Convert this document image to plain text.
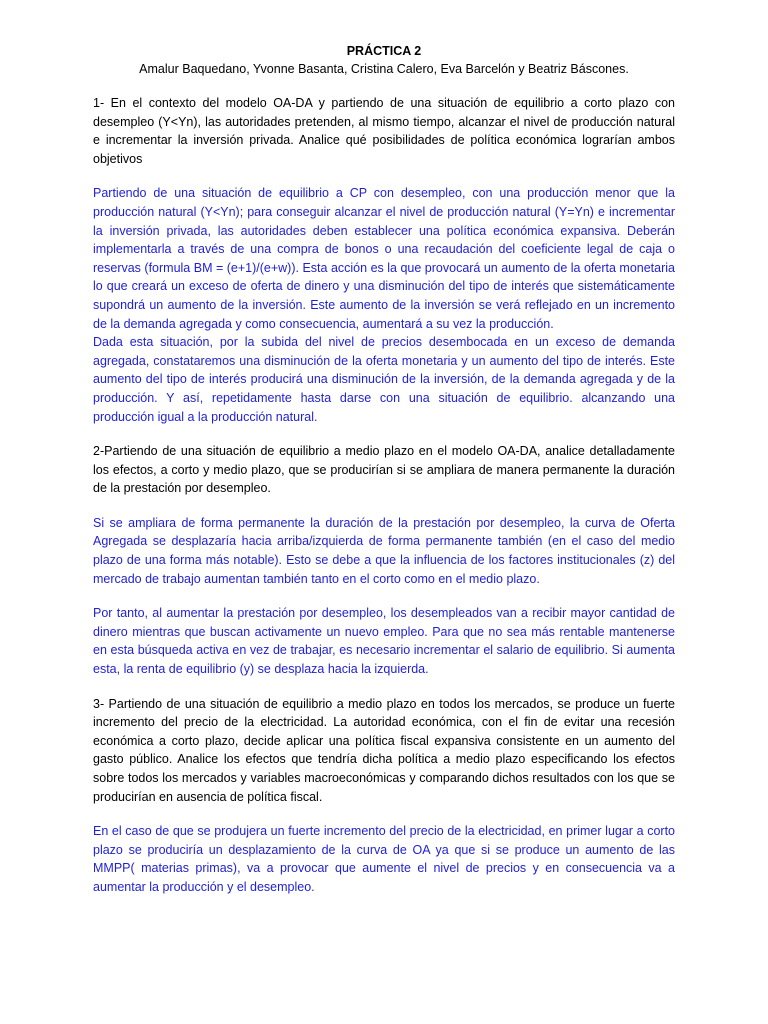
PRÁCTICA 2
Amalur Baquedano, Yvonne Basanta, Cristina Calero, Eva Barcelón y Beatriz Báscones.

1- En el contexto del modelo OA-DA y partiendo de una situación de equilibrio a corto plazo con desempleo (Y<Yn), las autoridades pretenden, al mismo tiempo, alcanzar el nivel de producción natural e incrementar la inversión privada. Analice qué posibilidades de política económica lograrían ambos objetivos

Partiendo de una situación de equilibrio a CP con desempleo, con una producción menor que la producción natural (Y<Yn); para conseguir alcanzar el nivel de producción natural (Y=Yn) e incrementar la inversión privada, las autoridades deben establecer una política económica expansiva. Deberán implementarla a través de una compra de bonos o una recaudación del coeficiente legal de caja o reservas (formula BM = (e+1)/(e+w)). Esta acción es la que provocará un aumento de la oferta monetaria lo que creará un exceso de oferta de dinero y una disminución del tipo de interés que sistemáticamente supondrá un aumento de la inversión. Este aumento de la inversión se verá reflejado en un incremento de la demanda agregada y como consecuencia, aumentará a su vez la producción.

Dada esta situación, por la subida del nivel de precios desembocada en un exceso de demanda agregada, constataremos una disminución de la oferta monetaria y un aumento del tipo de interés. Este aumento del tipo de interés producirá una disminución de la inversión, de la demanda agregada y de la producción. Y así, repetidamente hasta darse con una situación de equilibrio. alcanzando una producción igual a la producción natural.

2-Partiendo de una situación de equilibrio a medio plazo en el modelo OA-DA, analice detalladamente los efectos, a corto y medio plazo, que se producirían si se ampliara de manera permanente la duración de la prestación por desempleo.

Si se ampliara de forma permanente la duración de la prestación por desempleo, la curva de Oferta Agregada se desplazaría hacia arriba/izquierda de forma permanente también (en el caso del medio plazo de una forma más notable). Esto se debe a que la influencia de los factores institucionales (z) del mercado de trabajo aumentan también tanto en el corto como en el medio plazo.

Por tanto, al aumentar la prestación por desempleo, los desempleados van a recibir mayor cantidad de dinero mientras que buscan activamente un nuevo empleo. Para que no sea más rentable mantenerse en esta búsqueda activa en vez de trabajar, es necesario incrementar el salario de equilibrio. Si aumenta esta, la renta de equilibrio (y) se desplaza hacia la izquierda.

3- Partiendo de una situación de equilibrio a medio plazo en todos los mercados, se produce un fuerte incremento del precio de la electricidad. La autoridad económica, con el fin de evitar una recesión económica a corto plazo, decide aplicar una política fiscal expansiva consistente en un aumento del gasto público. Analice los efectos que tendría dicha política a medio plazo especificando los efectos sobre todos los mercados y variables macroeconómicas y comparando dichos resultados con los que se producirían en ausencia de política fiscal.

En el caso de que se produjera un fuerte incremento del precio de la electricidad, en primer lugar a corto plazo se produciría un desplazamiento de la curva de OA ya que si se produce un aumento de las MMPP( materias primas), va a provocar que aumente el nivel de precios y en consecuencia va a aumentar la producción y el desempleo.
